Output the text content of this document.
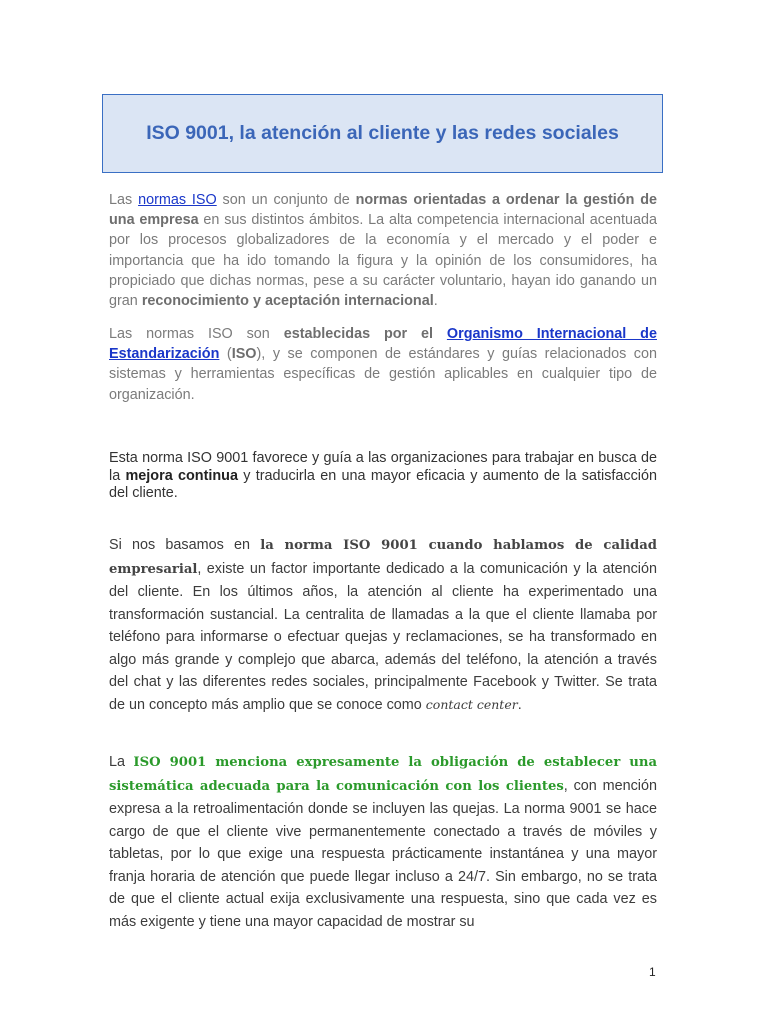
ISO 9001, la atención al cliente y las redes sociales

Las normas ISO son un conjunto de normas orientadas a ordenar la gestión de una empresa en sus distintos ámbitos. La alta competencia internacional acentuada por los procesos globalizadores de la economía y el mercado y el poder e importancia que ha ido tomando la figura y la opinión de los consumidores, ha propiciado que dichas normas, pese a su carácter voluntario, hayan ido ganando un gran reconocimiento y aceptación internacional.

Las normas ISO son establecidas por el Organismo Internacional de Estandarización (ISO), y se componen de estándares y guías relacionados con sistemas y herramientas específicas de gestión aplicables en cualquier tipo de organización.

Esta norma ISO 9001 favorece y guía a las organizaciones para trabajar en busca de la mejora continua y traducirla en una mayor eficacia y aumento de la satisfacción del cliente.

Si nos basamos en la norma ISO 9001 cuando hablamos de calidad empresarial, existe un factor importante dedicado a la comunicación y la atención del cliente. En los últimos años, la atención al cliente ha experimentado una transformación sustancial. La centralita de llamadas a la que el cliente llamaba por teléfono para informarse o efectuar quejas y reclamaciones, se ha transformado en algo más grande y complejo que abarca, además del teléfono, la atención a través del chat y las diferentes redes sociales, principalmente Facebook y Twitter. Se trata de un concepto más amplio que se conoce como contact center.

La ISO 9001 menciona expresamente la obligación de establecer una sistemática adecuada para la comunicación con los clientes, con mención expresa a la retroalimentación donde se incluyen las quejas. La norma 9001 se hace cargo de que el cliente vive permanentemente conectado a través de móviles y tabletas, por lo que exige una respuesta prácticamente instantánea y una mayor franja horaria de atención que puede llegar incluso a 24/7. Sin embargo, no se trata de que el cliente actual exija exclusivamente una respuesta, sino que cada vez es más exigente y tiene una mayor capacidad de mostrar su

1
